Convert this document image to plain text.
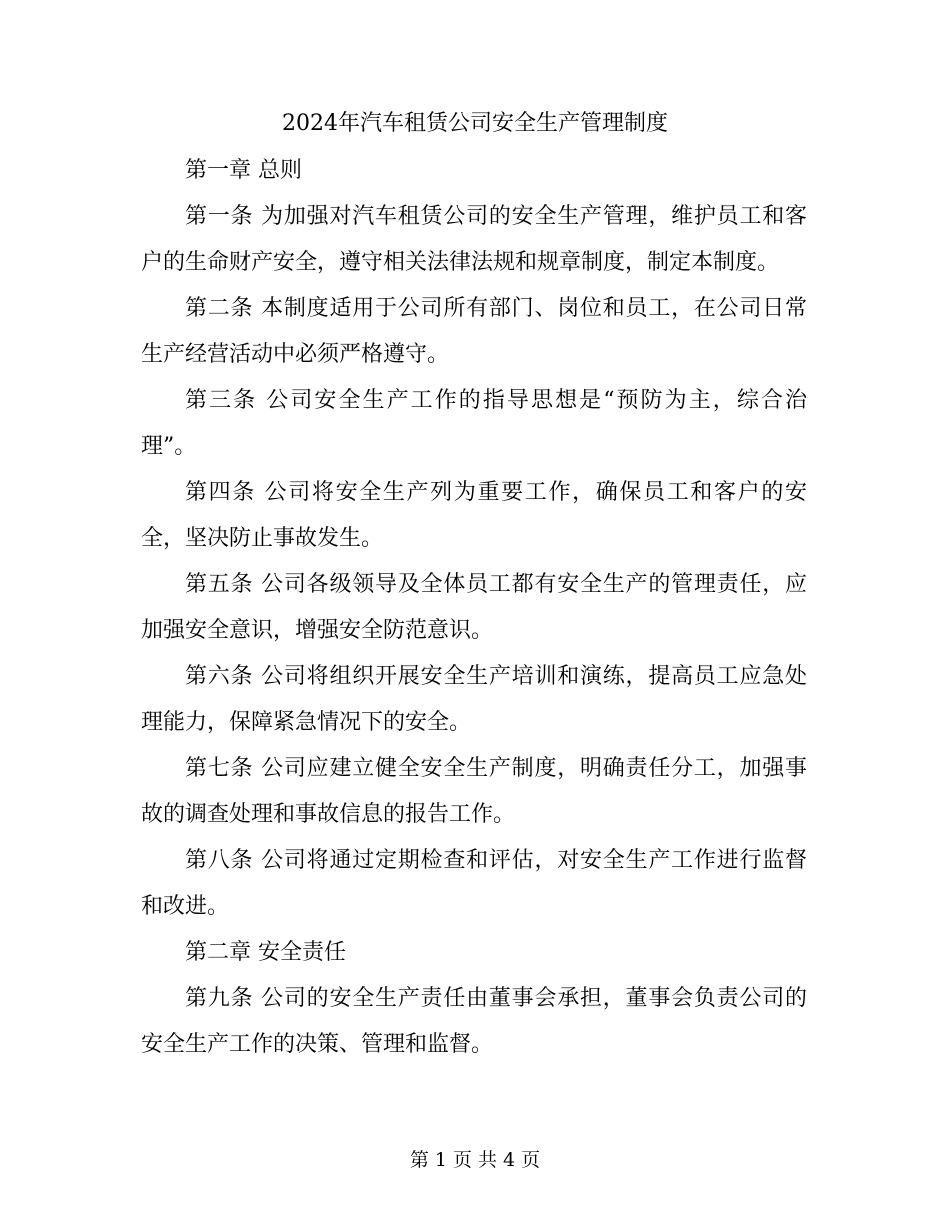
2024年汽车租赁公司安全生产管理制度

第一章 总则

第一条 为加强对汽车租赁公司的安全生产管理，维护员工和客户的生命财产安全，遵守相关法律法规和规章制度，制定本制度。

第二条 本制度适用于公司所有部门、岗位和员工，在公司日常生产经营活动中必须严格遵守。

第三条 公司安全生产工作的指导思想是“预防为主，综合治理”。

第四条 公司将安全生产列为重要工作，确保员工和客户的安全，坚决防止事故发生。

第五条 公司各级领导及全体员工都有安全生产的管理责任，应加强安全意识，增强安全防范意识。

第六条 公司将组织开展安全生产培训和演练，提高员工应急处理能力，保障紧急情况下的安全。

第七条 公司应建立健全安全生产制度，明确责任分工，加强事故的调查处理和事故信息的报告工作。

第八条 公司将通过定期检查和评估，对安全生产工作进行监督和改进。

第二章 安全责任

第九条 公司的安全生产责任由董事会承担，董事会负责公司的安全生产工作的决策、管理和监督。

第 1 页 共 4 页
